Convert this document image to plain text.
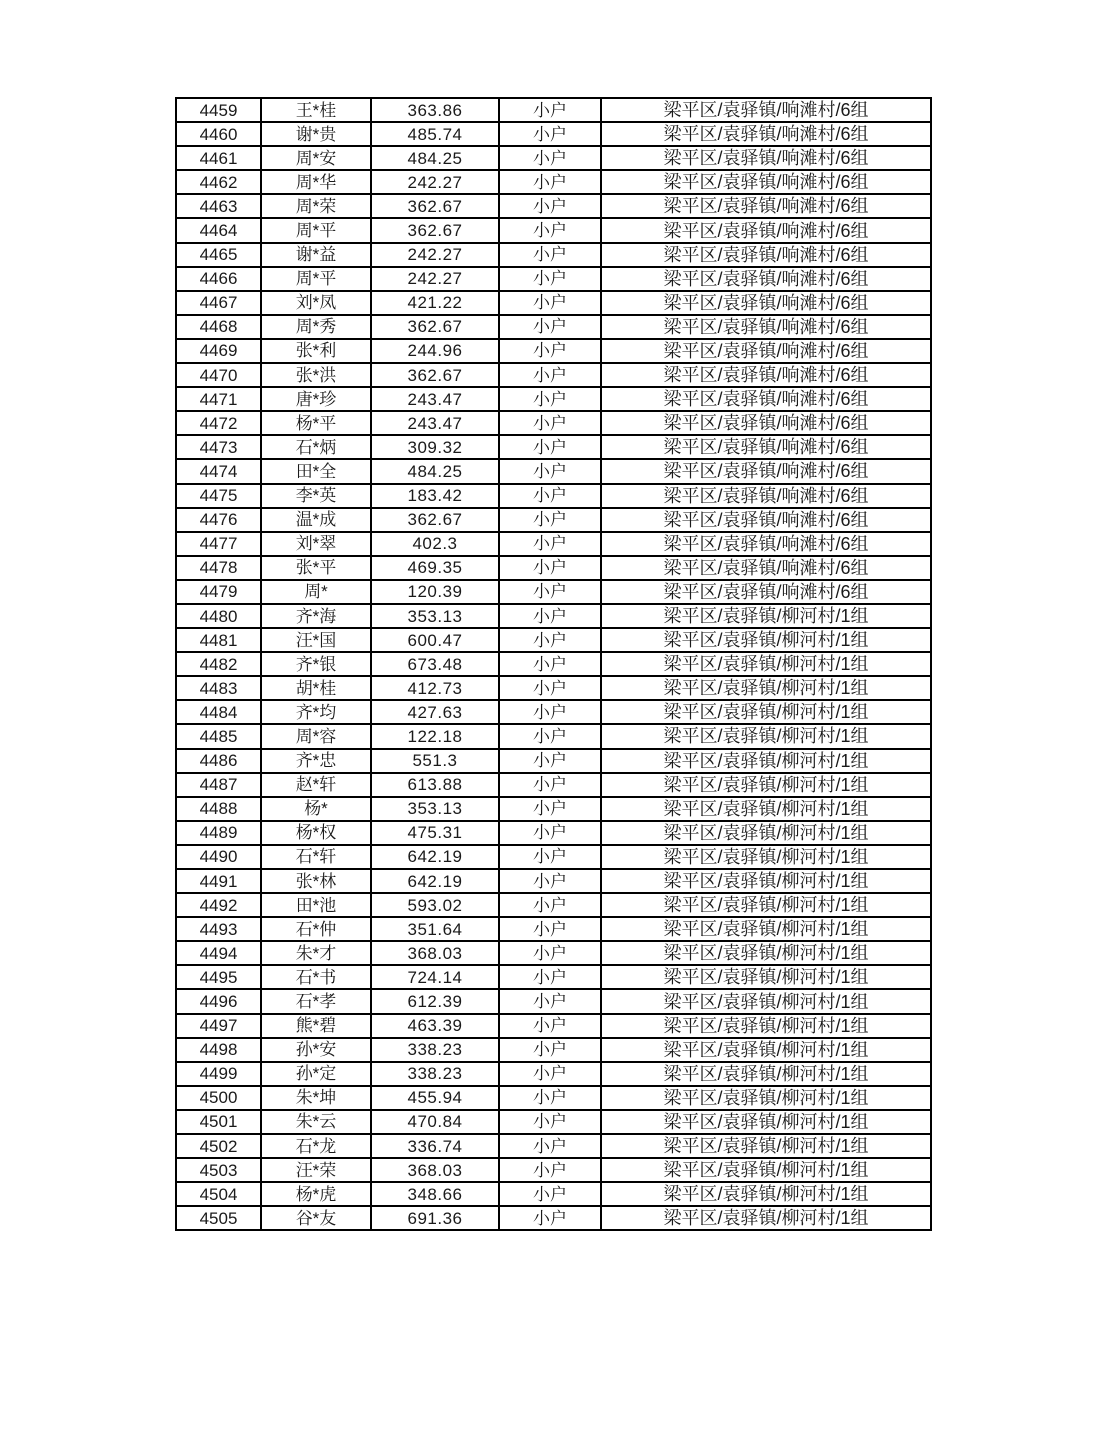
4459	王*桂	363.86	小户	梁平区/袁驿镇/响滩村/6组
4460	谢*贵	485.74	小户	梁平区/袁驿镇/响滩村/6组
4461	周*安	484.25	小户	梁平区/袁驿镇/响滩村/6组
4462	周*华	242.27	小户	梁平区/袁驿镇/响滩村/6组
4463	周*荣	362.67	小户	梁平区/袁驿镇/响滩村/6组
4464	周*平	362.67	小户	梁平区/袁驿镇/响滩村/6组
4465	谢*益	242.27	小户	梁平区/袁驿镇/响滩村/6组
4466	周*平	242.27	小户	梁平区/袁驿镇/响滩村/6组
4467	刘*凤	421.22	小户	梁平区/袁驿镇/响滩村/6组
4468	周*秀	362.67	小户	梁平区/袁驿镇/响滩村/6组
4469	张*利	244.96	小户	梁平区/袁驿镇/响滩村/6组
4470	张*洪	362.67	小户	梁平区/袁驿镇/响滩村/6组
4471	唐*珍	243.47	小户	梁平区/袁驿镇/响滩村/6组
4472	杨*平	243.47	小户	梁平区/袁驿镇/响滩村/6组
4473	石*炳	309.32	小户	梁平区/袁驿镇/响滩村/6组
4474	田*全	484.25	小户	梁平区/袁驿镇/响滩村/6组
4475	李*英	183.42	小户	梁平区/袁驿镇/响滩村/6组
4476	温*成	362.67	小户	梁平区/袁驿镇/响滩村/6组
4477	刘*翠	402.3	小户	梁平区/袁驿镇/响滩村/6组
4478	张*平	469.35	小户	梁平区/袁驿镇/响滩村/6组
4479	周*	120.39	小户	梁平区/袁驿镇/响滩村/6组
4480	齐*海	353.13	小户	梁平区/袁驿镇/柳河村/1组
4481	汪*国	600.47	小户	梁平区/袁驿镇/柳河村/1组
4482	齐*银	673.48	小户	梁平区/袁驿镇/柳河村/1组
4483	胡*桂	412.73	小户	梁平区/袁驿镇/柳河村/1组
4484	齐*均	427.63	小户	梁平区/袁驿镇/柳河村/1组
4485	周*容	122.18	小户	梁平区/袁驿镇/柳河村/1组
4486	齐*忠	551.3	小户	梁平区/袁驿镇/柳河村/1组
4487	赵*轩	613.88	小户	梁平区/袁驿镇/柳河村/1组
4488	杨*	353.13	小户	梁平区/袁驿镇/柳河村/1组
4489	杨*权	475.31	小户	梁平区/袁驿镇/柳河村/1组
4490	石*轩	642.19	小户	梁平区/袁驿镇/柳河村/1组
4491	张*林	642.19	小户	梁平区/袁驿镇/柳河村/1组
4492	田*池	593.02	小户	梁平区/袁驿镇/柳河村/1组
4493	石*仲	351.64	小户	梁平区/袁驿镇/柳河村/1组
4494	朱*才	368.03	小户	梁平区/袁驿镇/柳河村/1组
4495	石*书	724.14	小户	梁平区/袁驿镇/柳河村/1组
4496	石*孝	612.39	小户	梁平区/袁驿镇/柳河村/1组
4497	熊*碧	463.39	小户	梁平区/袁驿镇/柳河村/1组
4498	孙*安	338.23	小户	梁平区/袁驿镇/柳河村/1组
4499	孙*定	338.23	小户	梁平区/袁驿镇/柳河村/1组
4500	朱*坤	455.94	小户	梁平区/袁驿镇/柳河村/1组
4501	朱*云	470.84	小户	梁平区/袁驿镇/柳河村/1组
4502	石*龙	336.74	小户	梁平区/袁驿镇/柳河村/1组
4503	汪*荣	368.03	小户	梁平区/袁驿镇/柳河村/1组
4504	杨*虎	348.66	小户	梁平区/袁驿镇/柳河村/1组
4505	谷*友	691.36	小户	梁平区/袁驿镇/柳河村/1组
